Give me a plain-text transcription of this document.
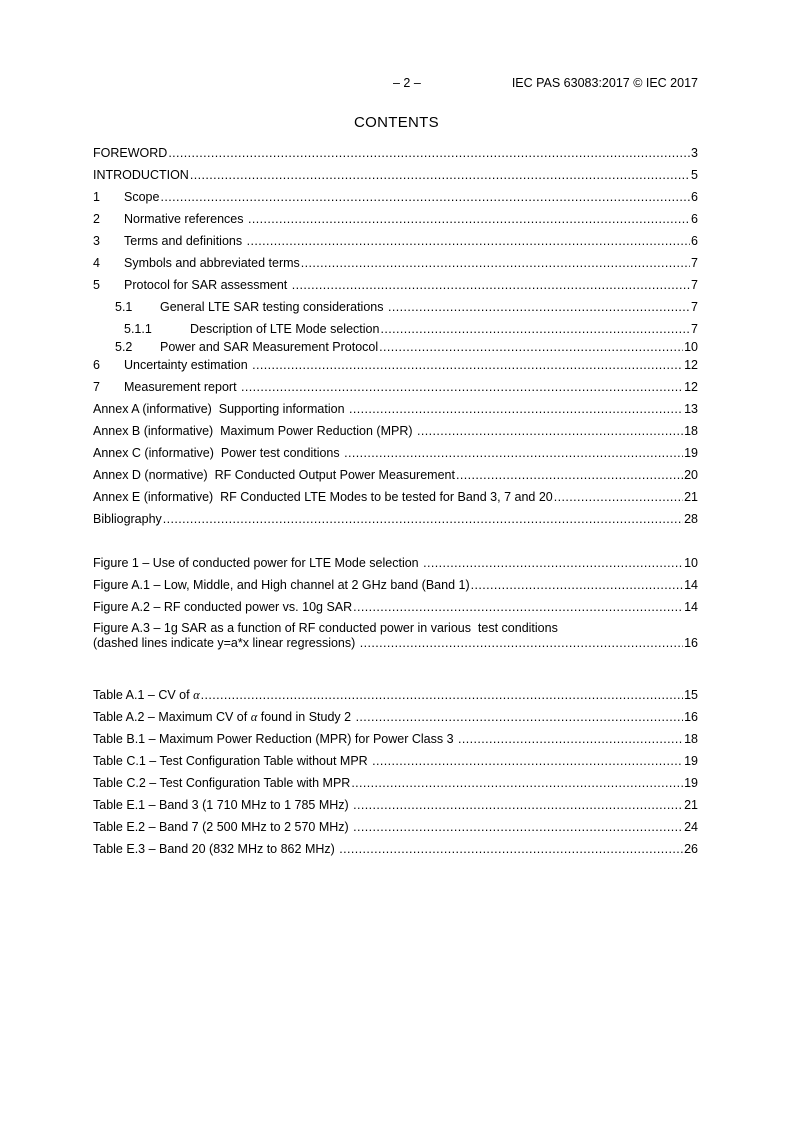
– 2 –	IEC PAS 63083:2017 © IEC 2017
CONTENTS
FOREWORD .....	3
INTRODUCTION .....	5
1	Scope .....	6
2	Normative references .....	6
3	Terms and definitions .....	6
4	Symbols and abbreviated terms .....	7
5	Protocol for SAR assessment .....	7
5.1	General LTE SAR testing considerations .....	7
5.1.1	Description of LTE Mode selection .....	7
5.2	Power and SAR Measurement Protocol .....	10
6	Uncertainty estimation .....	12
7	Measurement report .....	12
Annex A (informative)  Supporting information .....	13
Annex B (informative)  Maximum Power Reduction (MPR) .....	18
Annex C (informative)  Power test conditions .....	19
Annex D (normative)  RF Conducted Output Power Measurement .....	20
Annex E (informative)  RF Conducted LTE Modes to be tested for Band 3, 7 and 20 .....	21
Bibliography .....	28
Figure 1 – Use of conducted power for LTE Mode selection .....	10
Figure A.1 – Low, Middle, and High channel at 2 GHz band (Band 1) .....	14
Figure A.2 – RF conducted power vs. 10g SAR .....	14
Figure A.3 – 1g SAR as a function of RF conducted power in various  test conditions
(dashed lines indicate y=a*x linear regressions) .....	16
Table A.1 – CV of α .....	15
Table A.2 – Maximum CV of α found in Study 2 .....	16
Table B.1 – Maximum Power Reduction (MPR) for Power Class 3 .....	18
Table C.1 – Test Configuration Table without MPR .....	19
Table C.2 – Test Configuration Table with MPR .....	19
Table E.1 – Band 3 (1 710 MHz to 1 785 MHz) .....	21
Table E.2 – Band 7 (2 500 MHz to 2 570 MHz) .....	24
Table E.3 – Band 20 (832 MHz to 862 MHz) .....	26
